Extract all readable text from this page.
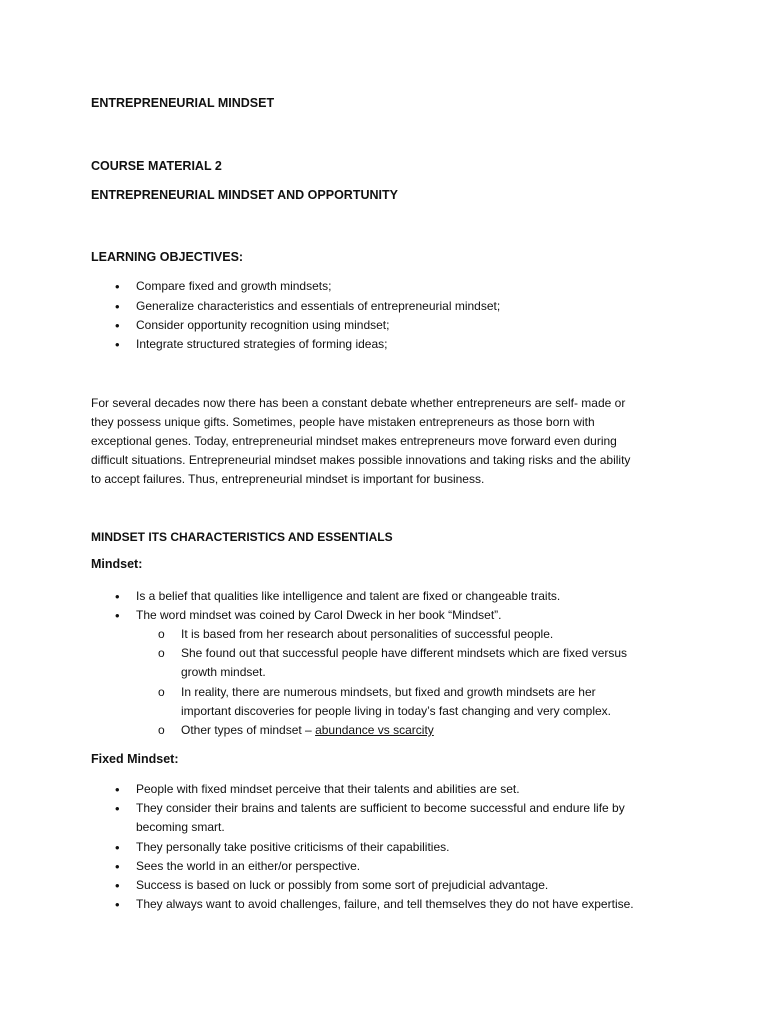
ENTREPRENEURIAL MINDSET
COURSE MATERIAL 2
ENTREPRENEURIAL MINDSET AND OPPORTUNITY
LEARNING OBJECTIVES:
•	Compare fixed and growth mindsets;
•	Generalize characteristics and essentials of entrepreneurial mindset;
•	Consider opportunity recognition using mindset;
•	Integrate structured strategies of forming ideas;
For several decades now there has been a constant debate whether entrepreneurs are self- made or
they possess unique gifts. Sometimes, people have mistaken entrepreneurs as those born with
exceptional genes. Today, entrepreneurial mindset makes entrepreneurs move forward even during
difficult situations. Entrepreneurial mindset makes possible innovations and taking risks and the ability
to accept failures. Thus, entrepreneurial mindset is important for business.
MINDSET ITS CHARACTERISTICS AND ESSENTIALS
Mindset:
•	Is a belief that qualities like intelligence and talent are fixed or changeable traits.
•	The word mindset was coined by Carol Dweck in her book “Mindset”.
o It is based from her research about personalities of successful people.
o She found out that successful people have different mindsets which are fixed versus
growth mindset.
o In reality, there are numerous mindsets, but fixed and growth mindsets are her
important discoveries for people living in today’s fast changing and very complex.
o Other types of mindset – abundance vs scarcity
Fixed Mindset:
•	People with fixed mindset perceive that their talents and abilities are set.
•	They consider their brains and talents are sufficient to become successful and endure life by
becoming smart.
•	They personally take positive criticisms of their capabilities.
•	Sees the world in an either/or perspective.
•	Success is based on luck or possibly from some sort of prejudicial advantage.
•	They always want to avoid challenges, failure, and tell themselves they do not have expertise.
